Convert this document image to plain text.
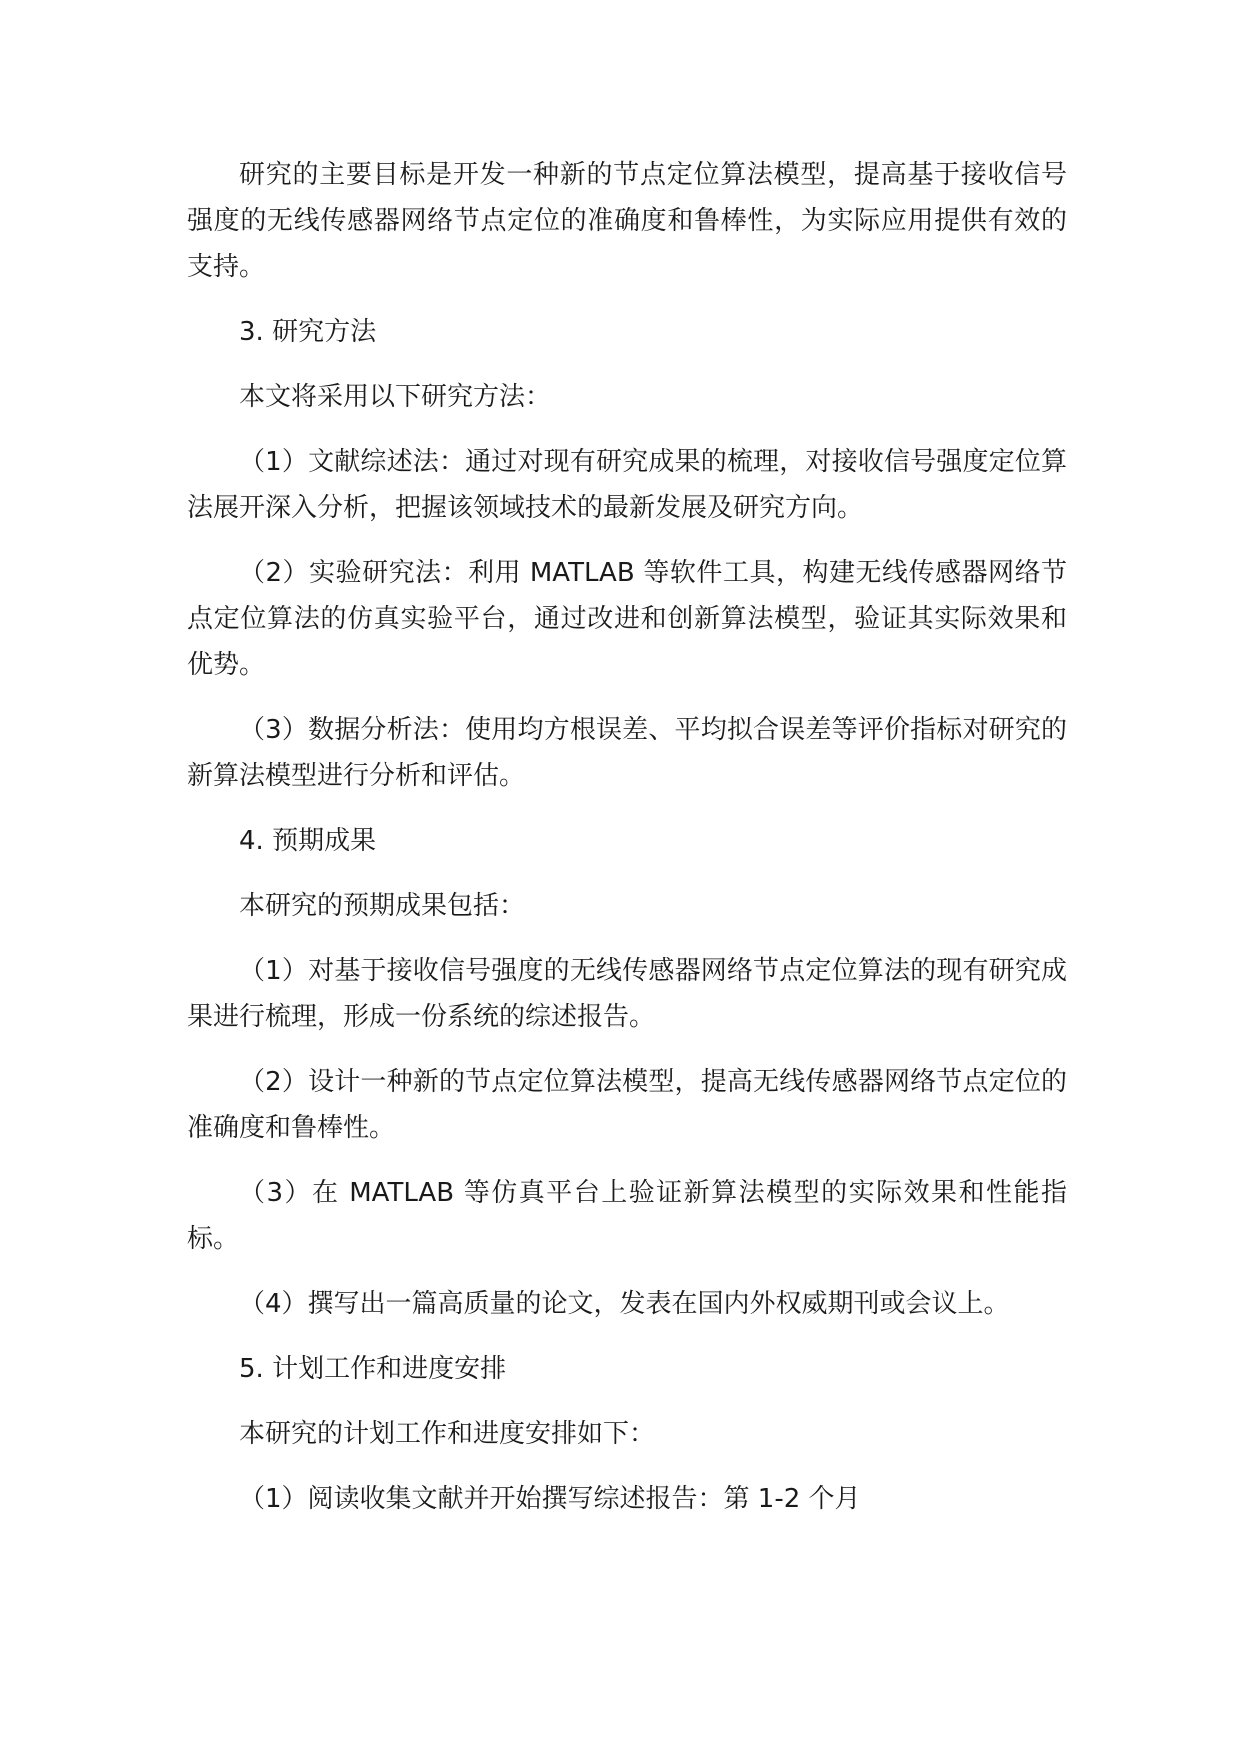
研究的主要目标是开发一种新的节点定位算法模型，提高基于接收信号强度的无线传感器网络节点定位的准确度和鲁棒性，为实际应用提供有效的支持。

3. 研究方法

本文将采用以下研究方法：

（1）文献综述法：通过对现有研究成果的梳理，对接收信号强度定位算法展开深入分析，把握该领域技术的最新发展及研究方向。

（2）实验研究法：利用 MATLAB 等软件工具，构建无线传感器网络节点定位算法的仿真实验平台，通过改进和创新算法模型，验证其实际效果和优势。

（3）数据分析法：使用均方根误差、平均拟合误差等评价指标对研究的新算法模型进行分析和评估。

4. 预期成果

本研究的预期成果包括：

（1）对基于接收信号强度的无线传感器网络节点定位算法的现有研究成果进行梳理，形成一份系统的综述报告。

（2）设计一种新的节点定位算法模型，提高无线传感器网络节点定位的准确度和鲁棒性。

（3）在 MATLAB 等仿真平台上验证新算法模型的实际效果和性能指标。

（4）撰写出一篇高质量的论文，发表在国内外权威期刊或会议上。

5. 计划工作和进度安排

本研究的计划工作和进度安排如下：

（1）阅读收集文献并开始撰写综述报告：第 1-2 个月
